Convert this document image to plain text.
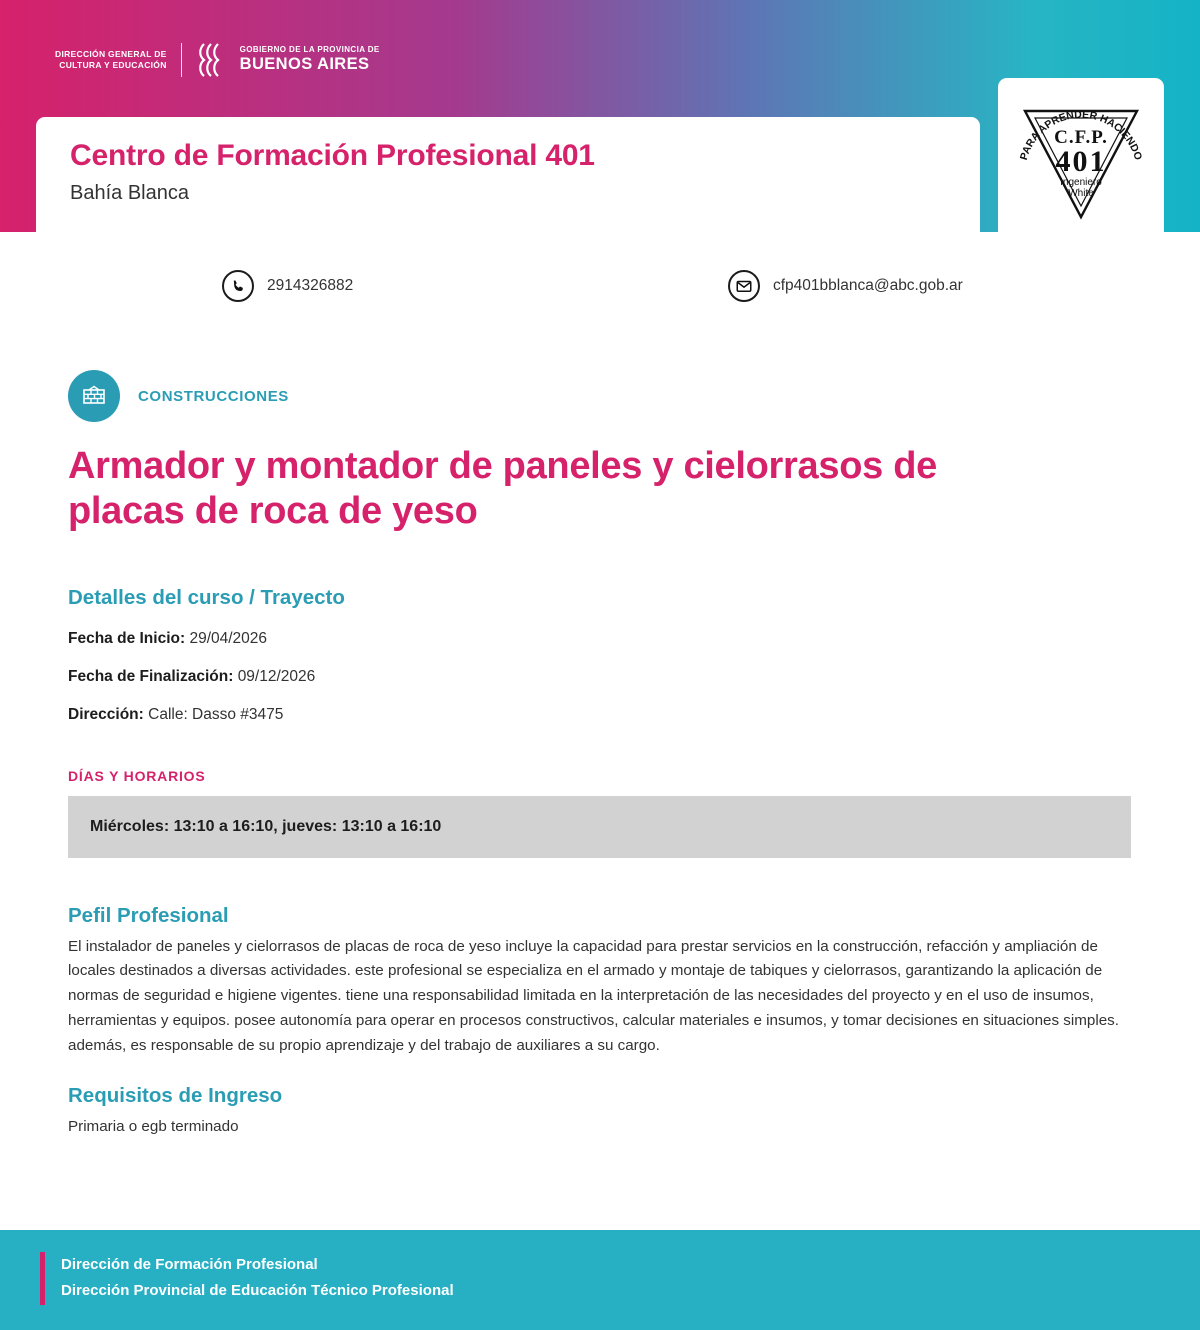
DIRECCIÓN GENERAL DE
CULTURA Y EDUCACIÓN
GOBIERNO DE LA PROVINCIA DE
BUENOS AIRES
Centro de Formación Profesional 401
Bahía Blanca
PARA APRENDER HACIENDO
C.F.P.
401
Ingeniero
White
2914326882	cfp401bblanca@abc.gob.ar
CONSTRUCCIONES
Armador y montador de paneles y cielorrasos de placas de roca de yeso
Detalles del curso / Trayecto
Fecha de Inicio: 29/04/2026
Fecha de Finalización: 09/12/2026
Dirección: Calle: Dasso #3475
DÍAS Y HORARIOS
Miércoles: 13:10 a 16:10, jueves: 13:10 a 16:10
Pefil Profesional

El instalador de paneles y cielorrasos de placas de roca de yeso incluye la capacidad para prestar servicios en la construcción, refacción y ampliación de locales destinados a diversas actividades. este profesional se especializa en el armado y montaje de tabiques y cielorrasos, garantizando la aplicación de normas de seguridad e higiene vigentes. tiene una responsabilidad limitada en la interpretación de las necesidades del proyecto y en el uso de insumos, herramientas y equipos. posee autonomía para operar en procesos constructivos, calcular materiales e insumos, y tomar decisiones en situaciones simples. además, es responsable de su propio aprendizaje y del trabajo de auxiliares a su cargo.

Requisitos de Ingreso

Primaria o egb terminado

Dirección de Formación Profesional
Dirección Provincial de Educación Técnico Profesional
